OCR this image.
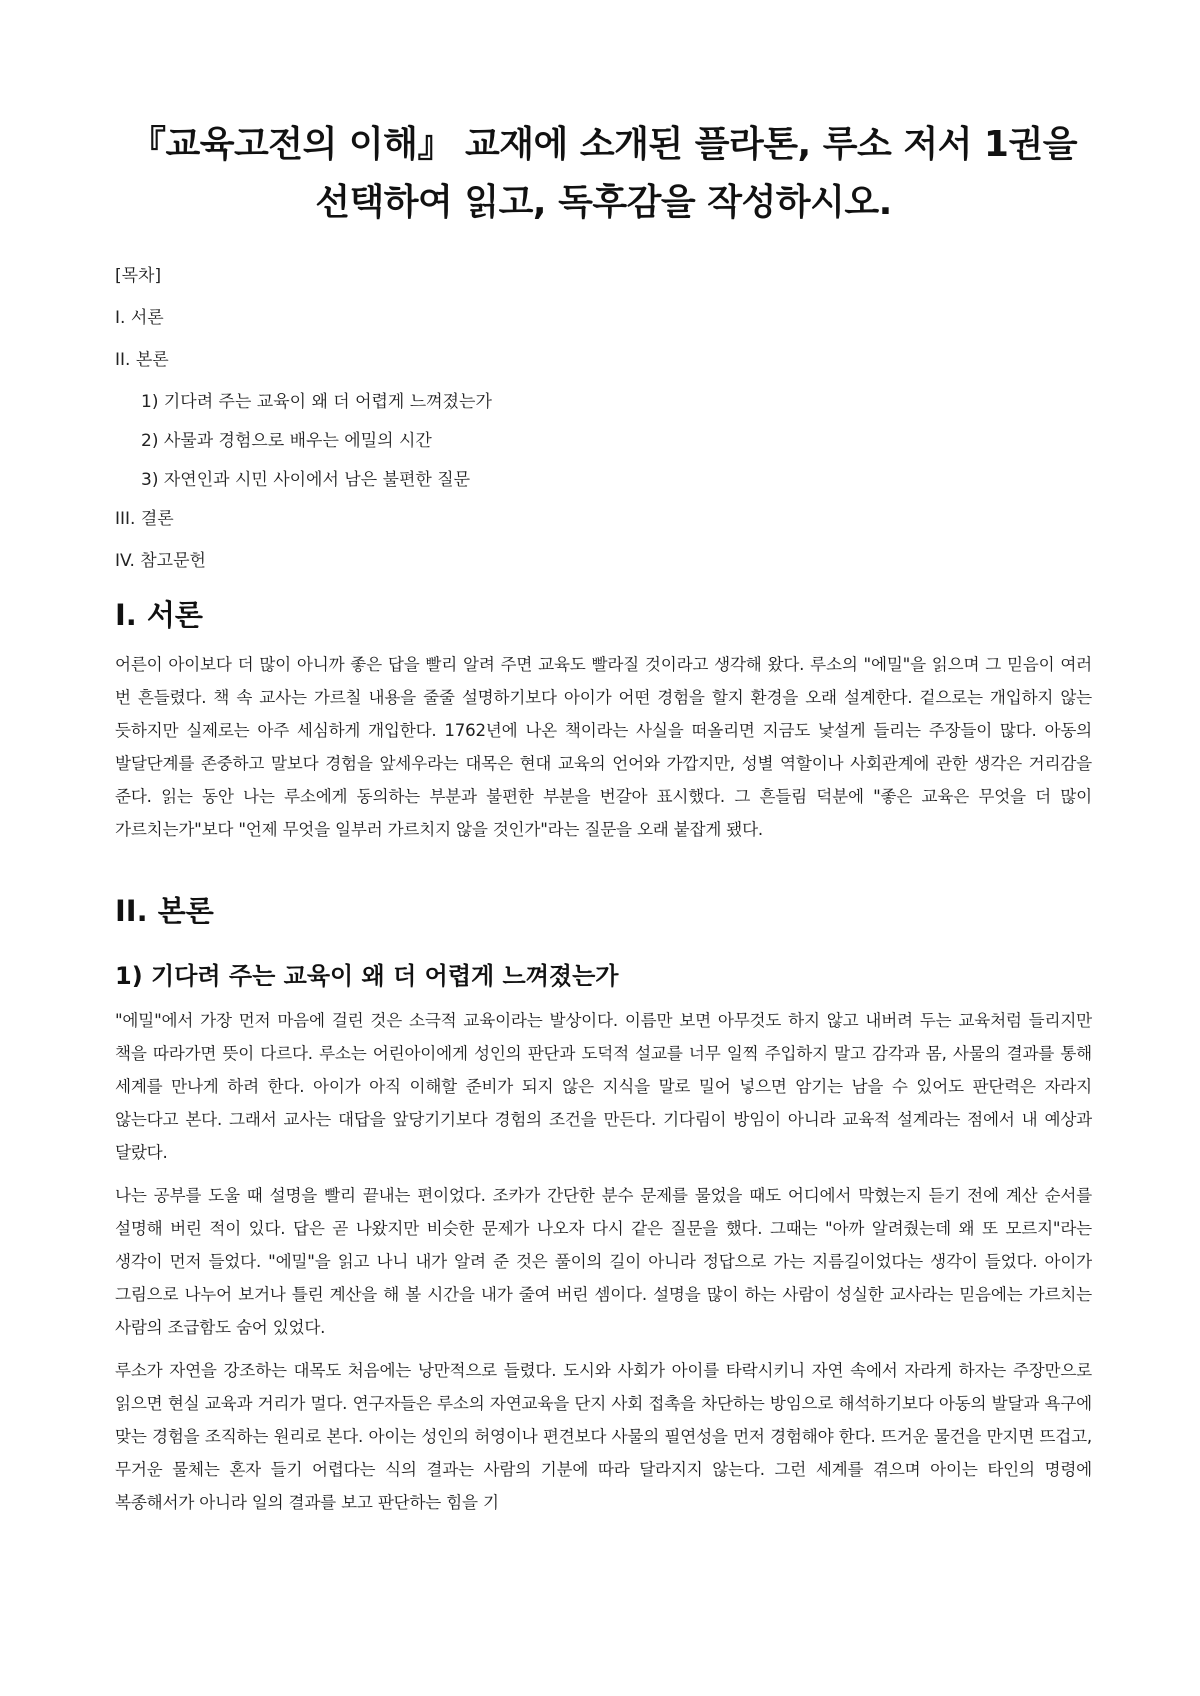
『교육고전의 이해』 교재에 소개된 플라톤, 루소 저서 1권을 선택하여 읽고, 독후감을 작성하시오.
[목차]
I. 서론
II. 본론
1) 기다려 주는 교육이 왜 더 어렵게 느껴졌는가
2) 사물과 경험으로 배우는 에밀의 시간
3) 자연인과 시민 사이에서 남은 불편한 질문
III. 결론
IV. 참고문헌
I. 서론

어른이 아이보다 더 많이 아니까 좋은 답을 빨리 알려 주면 교육도 빨라질 것이라고 생각해 왔다. 루소의 "에밀"을 읽으며 그 믿음이 여러 번 흔들렸다. 책 속 교사는 가르칠 내용을 줄줄 설명하기보다 아이가 어떤 경험을 할지 환경을 오래 설계한다. 겉으로는 개입하지 않는 듯하지만 실제로는 아주 세심하게 개입한다. 1762년에 나온 책이라는 사실을 떠올리면 지금도 낯설게 들리는 주장들이 많다. 아동의 발달단계를 존중하고 말보다 경험을 앞세우라는 대목은 현대 교육의 언어와 가깝지만, 성별 역할이나 사회관계에 관한 생각은 거리감을 준다. 읽는 동안 나는 루소에게 동의하는 부분과 불편한 부분을 번갈아 표시했다. 그 흔들림 덕분에 "좋은 교육은 무엇을 더 많이 가르치는가"보다 "언제 무엇을 일부러 가르치지 않을 것인가"라는 질문을 오래 붙잡게 됐다.

II. 본론
1) 기다려 주는 교육이 왜 더 어렵게 느껴졌는가

"에밀"에서 가장 먼저 마음에 걸린 것은 소극적 교육이라는 발상이다. 이름만 보면 아무것도 하지 않고 내버려 두는 교육처럼 들리지만 책을 따라가면 뜻이 다르다. 루소는 어린아이에게 성인의 판단과 도덕적 설교를 너무 일찍 주입하지 말고 감각과 몸, 사물의 결과를 통해 세계를 만나게 하려 한다. 아이가 아직 이해할 준비가 되지 않은 지식을 말로 밀어 넣으면 암기는 남을 수 있어도 판단력은 자라지 않는다고 본다. 그래서 교사는 대답을 앞당기기보다 경험의 조건을 만든다. 기다림이 방임이 아니라 교육적 설계라는 점에서 내 예상과 달랐다.

나는 공부를 도울 때 설명을 빨리 끝내는 편이었다. 조카가 간단한 분수 문제를 물었을 때도 어디에서 막혔는지 듣기 전에 계산 순서를 설명해 버린 적이 있다. 답은 곧 나왔지만 비슷한 문제가 나오자 다시 같은 질문을 했다. 그때는 "아까 알려줬는데 왜 또 모르지"라는 생각이 먼저 들었다. "에밀"을 읽고 나니 내가 알려 준 것은 풀이의 길이 아니라 정답으로 가는 지름길이었다는 생각이 들었다. 아이가 그림으로 나누어 보거나 틀린 계산을 해 볼 시간을 내가 줄여 버린 셈이다. 설명을 많이 하는 사람이 성실한 교사라는 믿음에는 가르치는 사람의 조급함도 숨어 있었다.

루소가 자연을 강조하는 대목도 처음에는 낭만적으로 들렸다. 도시와 사회가 아이를 타락시키니 자연 속에서 자라게 하자는 주장만으로 읽으면 현실 교육과 거리가 멀다. 연구자들은 루소의 자연교육을 단지 사회 접촉을 차단하는 방임으로 해석하기보다 아동의 발달과 욕구에 맞는 경험을 조직하는 원리로 본다. 아이는 성인의 허영이나 편견보다 사물의 필연성을 먼저 경험해야 한다. 뜨거운 물건을 만지면 뜨겁고, 무거운 물체는 혼자 들기 어렵다는 식의 결과는 사람의 기분에 따라 달라지지 않는다. 그런 세계를 겪으며 아이는 타인의 명령에 복종해서가 아니라 일의 결과를 보고 판단하는 힘을 기
